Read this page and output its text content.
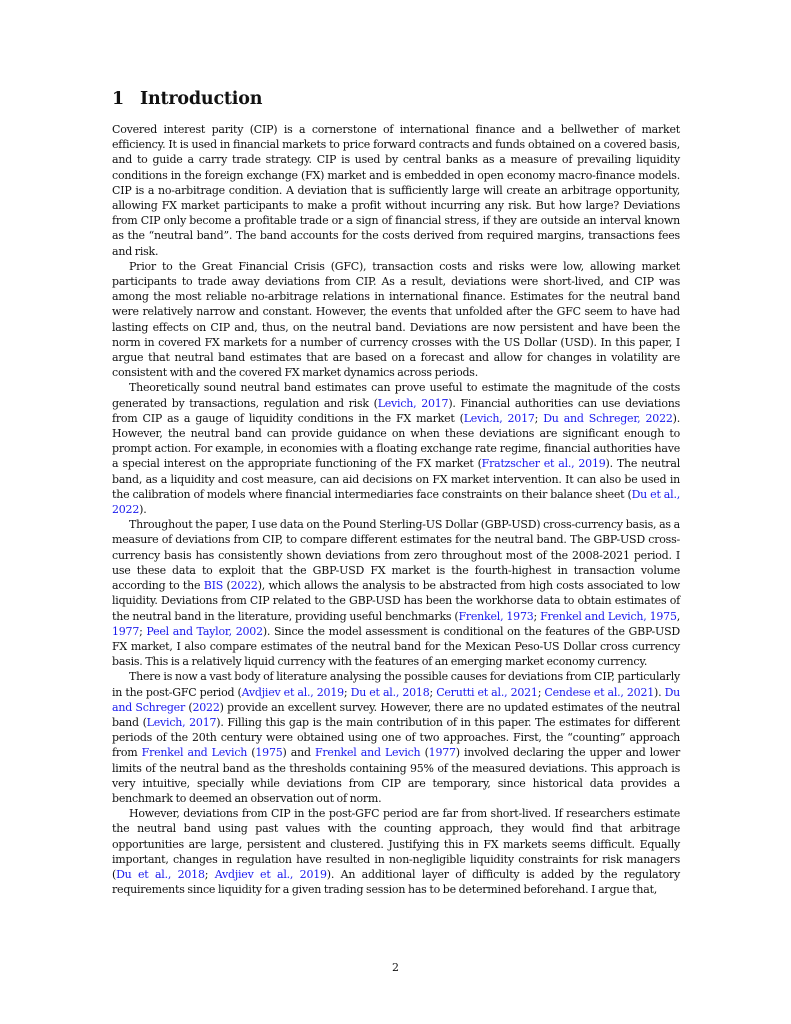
1 Introduction

Covered interest parity (CIP) is a cornerstone of international finance and a bellwether of market efficiency. It is used in financial markets to price forward contracts and funds obtained on a covered basis, and to guide a carry trade strategy. CIP is used by central banks as a measure of prevailing liquidity conditions in the foreign exchange (FX) market and is embedded in open economy macro-finance models. CIP is a no-arbitrage condition. A deviation that is sufficiently large will create an arbitrage opportunity, allowing FX market participants to make a profit without incurring any risk. But how large? Deviations from CIP only become a profitable trade or a sign of financial stress, if they are outside an interval known as the “neutral band”. The band accounts for the costs derived from required margins, transactions fees and risk.

Prior to the Great Financial Crisis (GFC), transaction costs and risks were low, allowing market participants to trade away deviations from CIP. As a result, deviations were short-lived, and CIP was among the most reliable no-arbitrage relations in international finance. Estimates for the neutral band were relatively narrow and constant. However, the events that unfolded after the GFC seem to have had lasting effects on CIP and, thus, on the neutral band. Deviations are now persistent and have been the norm in covered FX markets for a number of currency crosses with the US Dollar (USD). In this paper, I argue that neutral band estimates that are based on a forecast and allow for changes in volatility are consistent with and the covered FX market dynamics across periods.

Theoretically sound neutral band estimates can prove useful to estimate the magnitude of the costs generated by transactions, regulation and risk (Levich, 2017). Financial authorities can use deviations from CIP as a gauge of liquidity conditions in the FX market (Levich, 2017; Du and Schreger, 2022). However, the neutral band can provide guidance on when these deviations are significant enough to prompt action. For example, in economies with a floating exchange rate regime, financial authorities have a special interest on the appropriate functioning of the FX market (Fratzscher et al., 2019). The neutral band, as a liquidity and cost measure, can aid decisions on FX market intervention. It can also be used in the calibration of models where financial intermediaries face constraints on their balance sheet (Du et al., 2022).

Throughout the paper, I use data on the Pound Sterling-US Dollar (GBP-USD) cross-currency basis, as a measure of deviations from CIP, to compare different estimates for the neutral band. The GBP-USD cross-currency basis has consistently shown deviations from zero throughout most of the 2008-2021 period. I use these data to exploit that the GBP-USD FX market is the fourth-highest in transaction volume according to the BIS (2022), which allows the analysis to be abstracted from high costs associated to low liquidity. Deviations from CIP related to the GBP-USD has been the workhorse data to obtain estimates of the neutral band in the literature, providing useful benchmarks (Frenkel, 1973; Frenkel and Levich, 1975, 1977; Peel and Taylor, 2002). Since the model assessment is conditional on the features of the GBP-USD FX market, I also compare estimates of the neutral band for the Mexican Peso-US Dollar cross currency basis. This is a relatively liquid currency with the features of an emerging market economy currency.

There is now a vast body of literature analysing the possible causes for deviations from CIP, particularly in the post-GFC period (Avdjiev et al., 2019; Du et al., 2018; Cerutti et al., 2021; Cendese et al., 2021). Du and Schreger (2022) provide an excellent survey. However, there are no updated estimates of the neutral band (Levich, 2017). Filling this gap is the main contribution of in this paper. The estimates for different periods of the 20th century were obtained using one of two approaches. First, the “counting” approach from Frenkel and Levich (1975) and Frenkel and Levich (1977) involved declaring the upper and lower limits of the neutral band as the thresholds containing 95% of the measured deviations. This approach is very intuitive, specially while deviations from CIP are temporary, since historical data provides a benchmark to deemed an observation out of norm.

However, deviations from CIP in the post-GFC period are far from short-lived. If researchers estimate the neutral band using past values with the counting approach, they would find that arbitrage opportunities are large, persistent and clustered. Justifying this in FX markets seems difficult. Equally important, changes in regulation have resulted in non-negligible liquidity constraints for risk managers (Du et al., 2018; Avdjiev et al., 2019). An additional layer of difficulty is added by the regulatory requirements since liquidity for a given trading session has to be determined beforehand. I argue that,

2
